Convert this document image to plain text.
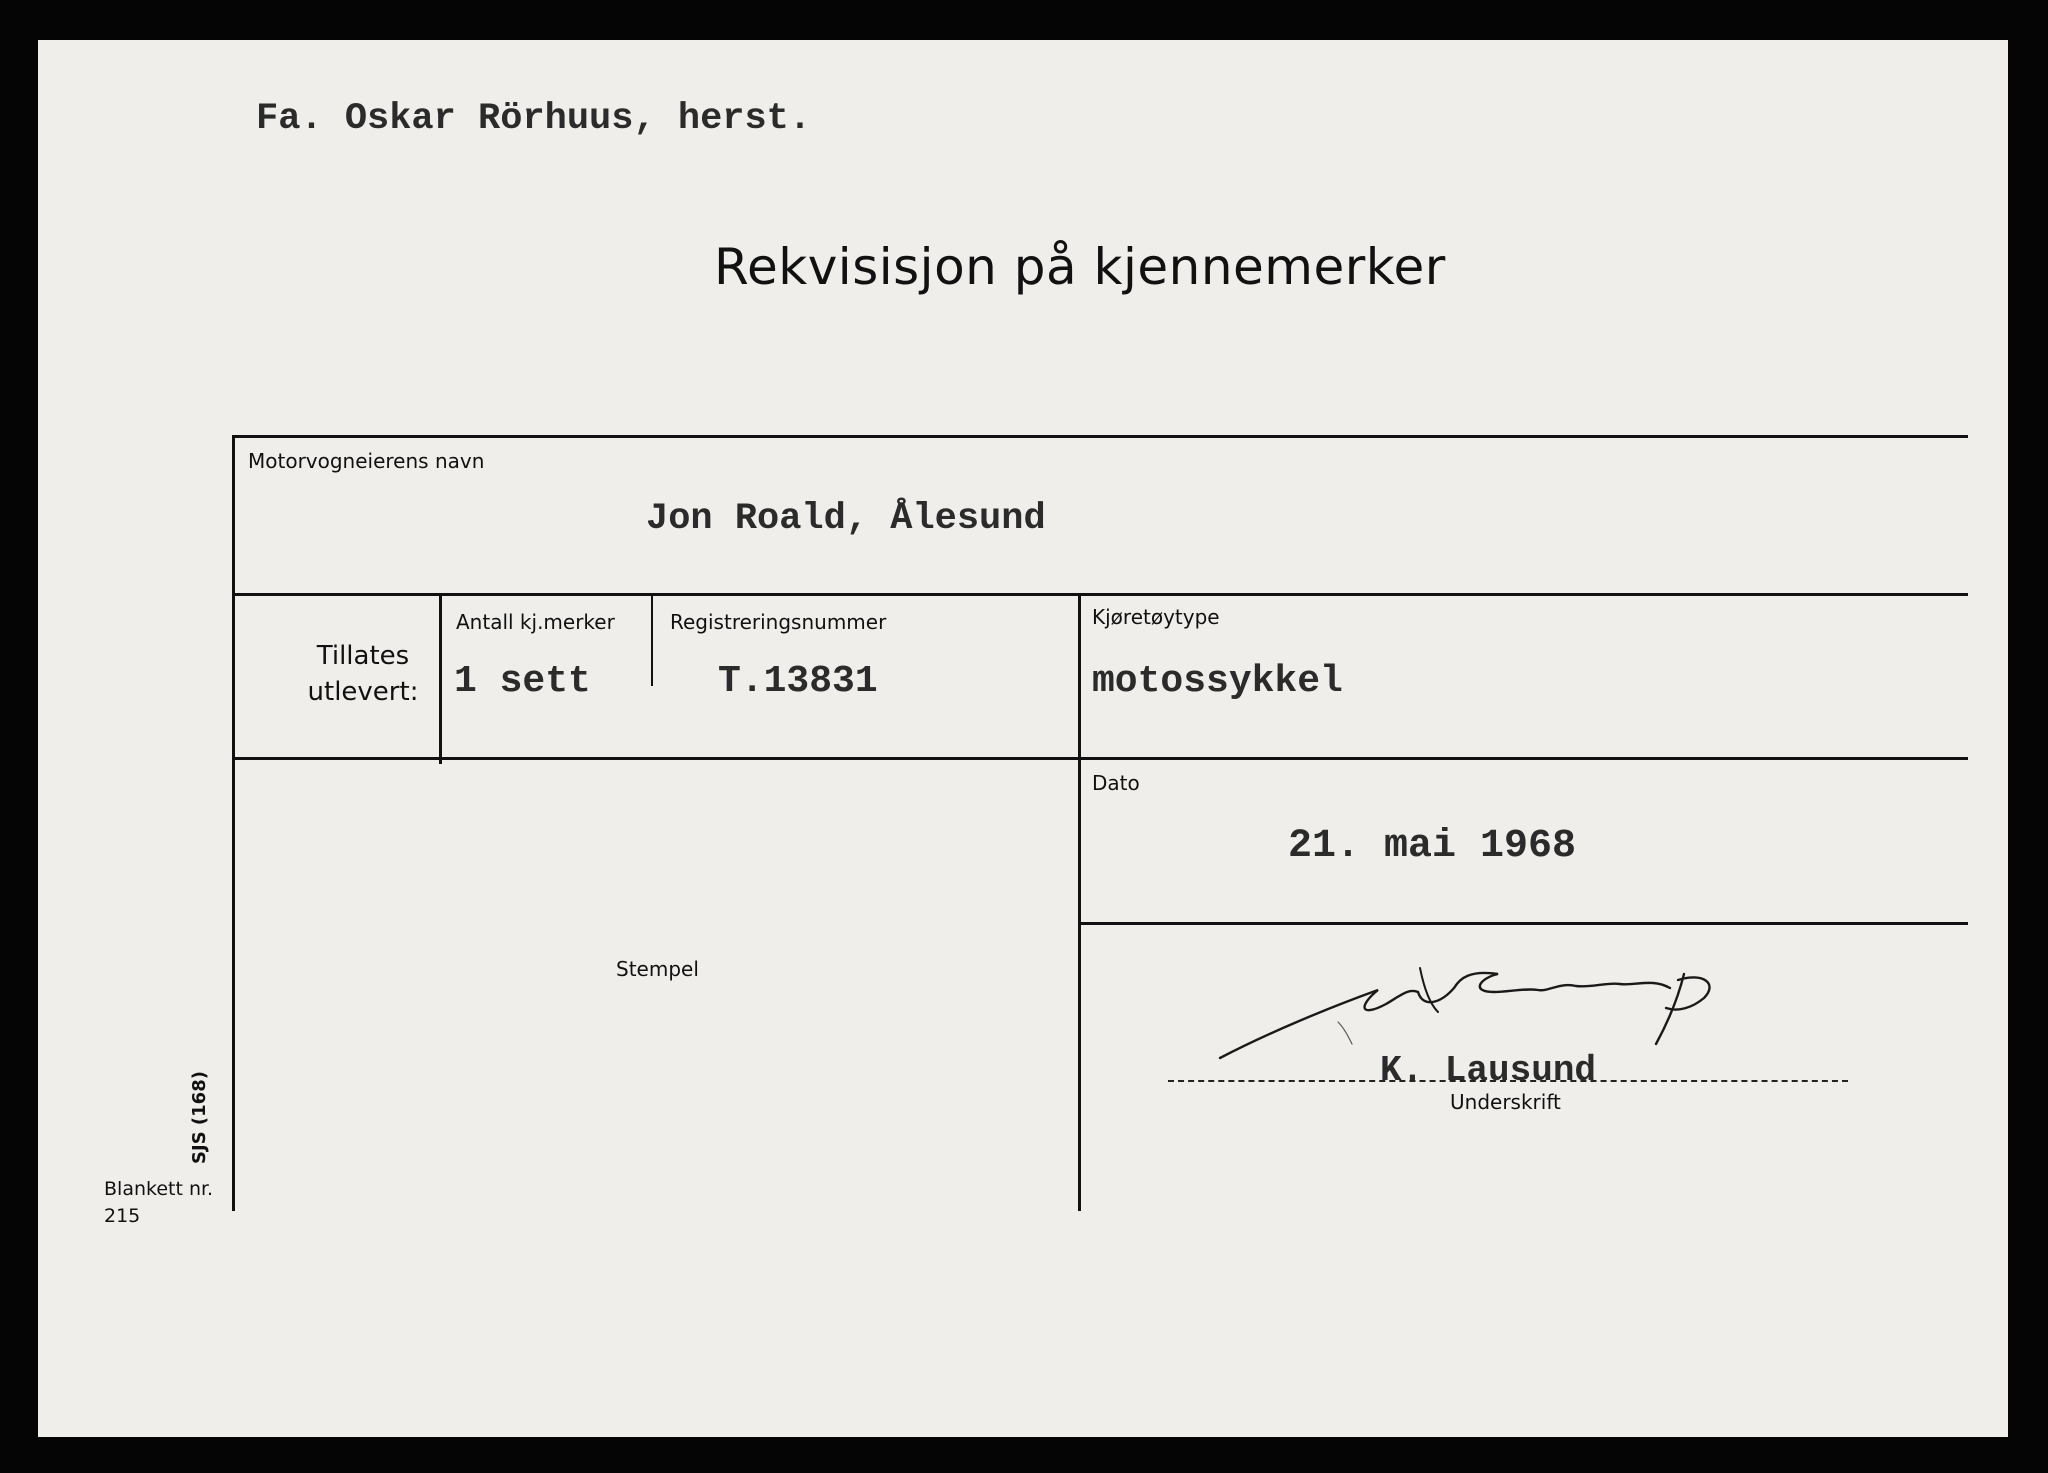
Fa. Oskar Rörhuus, herst.
Rekvisisjon på kjennemerker
Motorvogneierens navn
Jon Roald, Ålesund
Tillates utlevert:
Antall kj.merker
1 sett
Registreringsnummer
T.13831
Kjøretøytype
motossykkel
Stempel
Dato
21. mai 1968
K. Lausund
Underskrift
SJS (168)
Blankett nr. 215
